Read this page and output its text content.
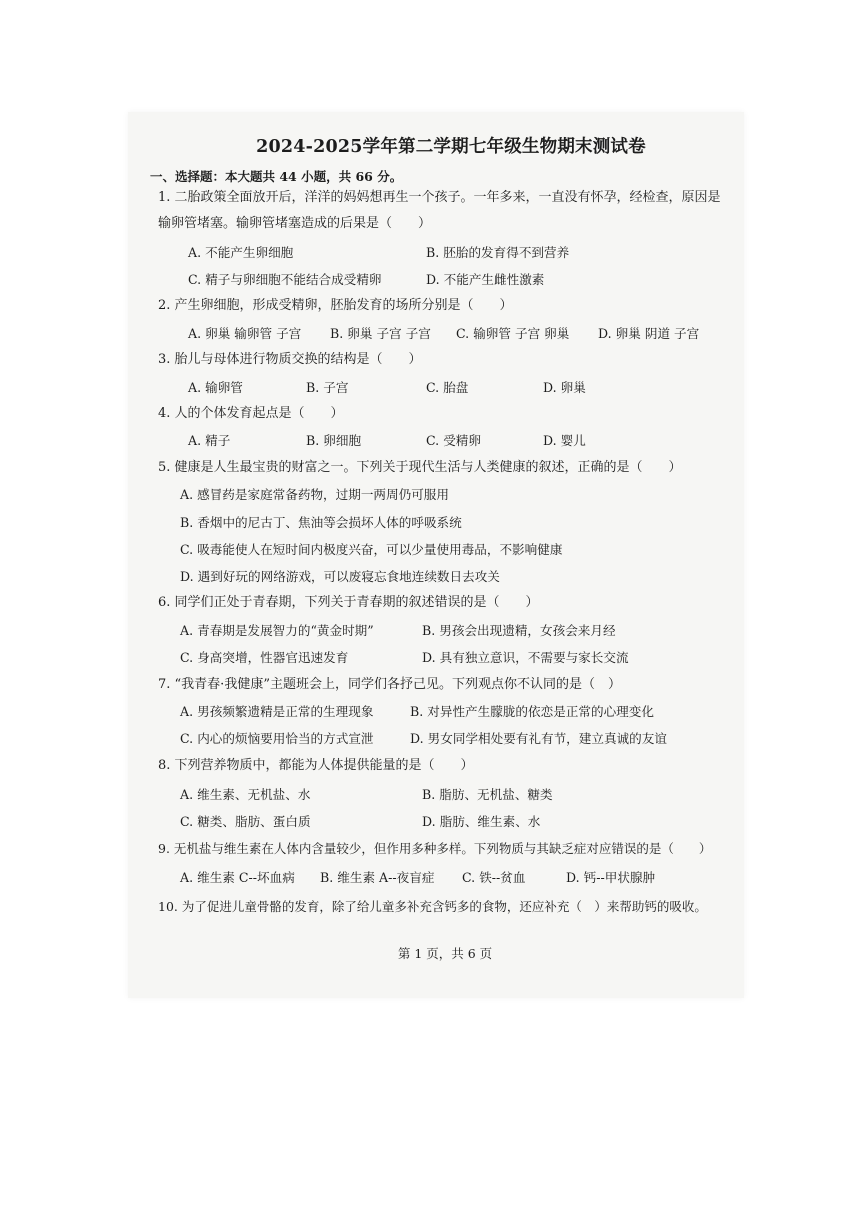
2024-2025学年第二学期七年级生物期末测试卷
一、选择题：本大题共 44 小题，共 66 分。
1. 二胎政策全面放开后，洋洋的妈妈想再生一个孩子。一年多来，一直没有怀孕，经检查，原因是
输卵管堵塞。输卵管堵塞造成的后果是（　　）
A. 不能产生卵细胞	B. 胚胎的发育得不到营养
C. 精子与卵细胞不能结合成受精卵	D. 不能产生雌性激素
2. 产生卵细胞，形成受精卵，胚胎发育的场所分别是（　　）
A. 卵巢 输卵管 子宫 B. 卵巢 子宫 子宫 C. 输卵管 子宫 卵巢 D. 卵巢 阴道 子宫
3. 胎儿与母体进行物质交换的结构是（　　）
A. 输卵管	B. 子宫	C. 胎盘	D. 卵巢
4. 人的个体发育起点是（　　）
A. 精子	B. 卵细胞	C. 受精卵	D. 婴儿
5. 健康是人生最宝贵的财富之一。下列关于现代生活与人类健康的叙述，正确的是（　　）
A. 感冒药是家庭常备药物，过期一两周仍可服用
B. 香烟中的尼古丁、焦油等会损坏人体的呼吸系统
C. 吸毒能使人在短时间内极度兴奋，可以少量使用毒品，不影响健康
D. 遇到好玩的网络游戏，可以废寝忘食地连续数日去攻关
6. 同学们正处于青春期，下列关于青春期的叙述错误的是（　　）
A. 青春期是发展智力的“黄金时期”	B. 男孩会出现遗精，女孩会来月经
C. 身高突增，性器官迅速发育	D. 具有独立意识，不需要与家长交流
7. “我青春·我健康”主题班会上，同学们各抒己见。下列观点你不认同的是（　）
A. 男孩频繁遗精是正常的生理现象	B. 对异性产生朦胧的依恋是正常的心理变化
C. 内心的烦恼要用恰当的方式宣泄	D. 男女同学相处要有礼有节，建立真诚的友谊
8. 下列营养物质中，都能为人体提供能量的是（　　）
A. 维生素、无机盐、水	B. 脂肪、无机盐、糖类
C. 糖类、脂肪、蛋白质	D. 脂肪、维生素、水
9. 无机盐与维生素在人体内含量较少，但作用多种多样。下列物质与其缺乏症对应错误的是（　　）
A. 维生素 C--坏血病 B. 维生素 A--夜盲症 C. 铁--贫血	D. 钙--甲状腺肿
10. 为了促进儿童骨骼的发育，除了给儿童多补充含钙多的食物，还应补充（　）来帮助钙的吸收。
第 1 页，共 6 页
